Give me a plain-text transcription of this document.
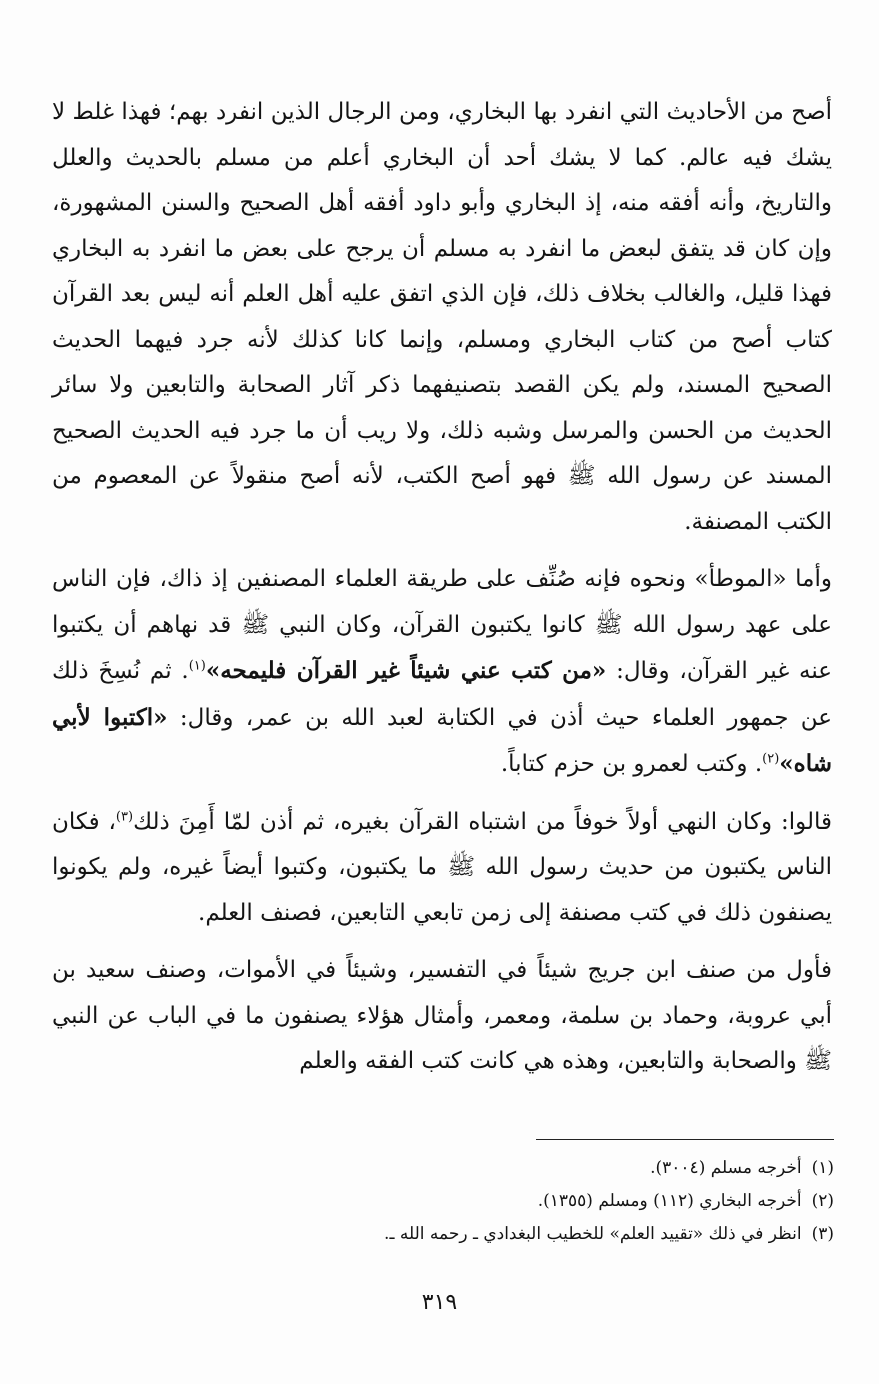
أصح من الأحاديث التي انفرد بها البخاري، ومن الرجال الذين انفرد بهم؛ فهذا غلط لا يشك فيه عالم. كما لا يشك أحد أن البخاري أعلم من مسلم بالحديث والعلل والتاريخ، وأنه أفقه منه، إذ البخاري وأبو داود أفقه أهل الصحيح والسنن المشهورة، وإن كان قد يتفق لبعض ما انفرد به مسلم أن يرجح على بعض ما انفرد به البخاري فهذا قليل، والغالب بخلاف ذلك، فإن الذي اتفق عليه أهل العلم أنه ليس بعد القرآن كتاب أصح من كتاب البخاري ومسلم، وإنما كانا كذلك لأنه جرد فيهما الحديث الصحيح المسند، ولم يكن القصد بتصنيفهما ذكر آثار الصحابة والتابعين ولا سائر الحديث من الحسن والمرسل وشبه ذلك، ولا ريب أن ما جرد فيه الحديث الصحيح المسند عن رسول الله ﷺ فهو أصح الكتب، لأنه أصح منقولاً عن المعصوم من الكتب المصنفة.

وأما «الموطأ» ونحوه فإنه صُنِّف على طريقة العلماء المصنفين إذ ذاك، فإن الناس على عهد رسول الله ﷺ كانوا يكتبون القرآن، وكان النبي ﷺ قد نهاهم أن يكتبوا عنه غير القرآن، وقال: «من كتب عني شيئاً غير القرآن فليمحه»$^{(١)}$. ثم نُسِخَ ذلك عن جمهور العلماء حيث أذن في الكتابة لعبد الله بن عمر، وقال: «اكتبوا لأبي شاه»$^{(٢)}$. وكتب لعمرو بن حزم كتاباً.

قالوا: وكان النهي أولاً خوفاً من اشتباه القرآن بغيره، ثم أذن لمّا أَمِنَ ذلك$^{(٣)}$، فكان الناس يكتبون من حديث رسول الله ﷺ ما يكتبون، وكتبوا أيضاً غيره، ولم يكونوا يصنفون ذلك في كتب مصنفة إلى زمن تابعي التابعين، فصنف العلم.

فأول من صنف ابن جريج شيئاً في التفسير، وشيئاً في الأموات، وصنف سعيد بن أبي عروبة، وحماد بن سلمة، ومعمر، وأمثال هؤلاء يصنفون ما في الباب عن النبي ﷺ والصحابة والتابعين، وهذه هي كانت كتب الفقه والعلم

(١)أخرجه مسلم (٣٠٠٤).

(٢)أخرجه البخاري (١١٢) ومسلم (١٣٥٥).

(٣)انظر في ذلك «تقييد العلم» للخطيب البغدادي ـ رحمه الله ـ.

٣١٩
